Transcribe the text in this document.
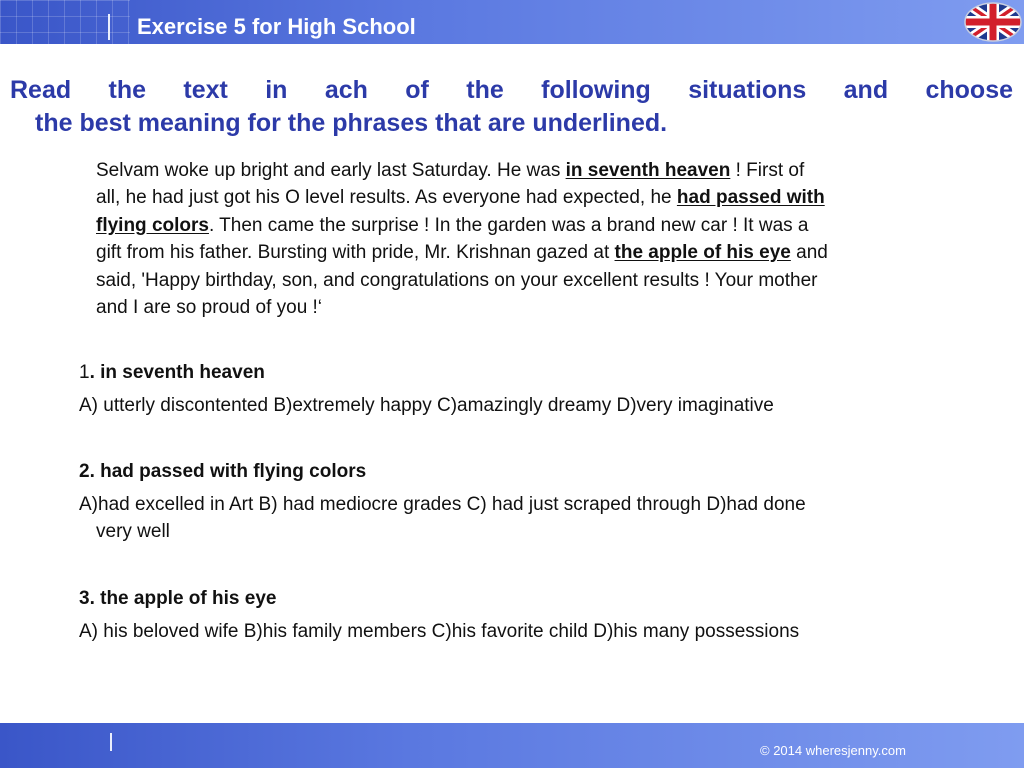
Exercise 5 for High School
Read the text in ach of the following situations and choose
the best meaning for the phrases that are underlined.
Selvam woke up bright and early last Saturday. He was in seventh heaven ! First of
all, he had just got his O level results. As everyone had expected, he had passed with
flying colors. Then came the surprise ! In the garden was a brand new car ! It was a
gift from his father. Bursting with pride, Mr. Krishnan gazed at the apple of his eye and
said, 'Happy birthday, son, and congratulations on your excellent results ! Your mother
and I are so proud of you !‘
1. in seventh heaven
A) utterly discontented B)extremely happy C)amazingly dreamy D)very imaginative
2. had passed with flying colors
A)had excelled in Art B) had mediocre grades C) had just scraped through D)had done
very well
3. the apple of his eye
A) his beloved wife B)his family members C)his favorite child D)his many possessions
© 2014 wheresjenny.com
